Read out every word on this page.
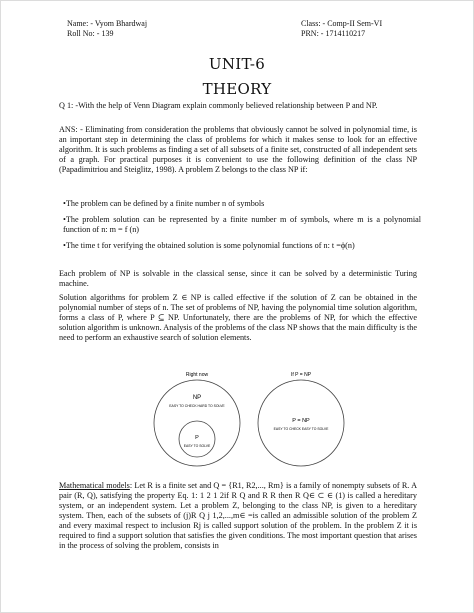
Name: - Vyom Bhardwaj
Roll No: - 139
Class: - Comp-II Sem-VI
PRN: - 1714110217
UNIT-6
THEORY

Q 1: -With the help of Venn Diagram explain commonly believed relationship between P and NP.

ANS: - Eliminating from consideration the problems that obviously cannot be solved in polynomial time, is an important step in determining the class of problems for which it makes sense to look for an effective algorithm. It is such problems as finding a set of all subsets of a finite set, constructed of all independent sets of a graph. For practical purposes it is convenient to use the following definition of the class NP (Papadimitriou and Steiglitz, 1998). A problem Z belongs to the class NP if:

• The problem can be defined by a finite number n of symbols

• The problem solution can be represented by a finite number m of symbols, where m is a polynomial function of n: m = f (n)

• The time t for verifying the obtained solution is some polynomial functions of n: t =ϕ(n)

Each problem of NP is solvable in the classical sense, since it can be solved by a deterministic Turing machine.

Solution algorithms for problem Z ∈ NP is called effective if the solution of Z can be obtained in the polynomial number of steps of n. The set of problems of NP, having the polynomial time solution algorithm, forms a class of P, where P ⊆ NP. Unfortunately, there are the problems of NP, for which the effective solution algorithm is unknown. Analysis of the problems of the class NP shows that the main difficulty is the need to perform an exhaustive search of solution elements.

Right now	If P = NP
NP
EASY TO CHECK HARD TO SOLVE
P
EASY TO SOLVE
P = NP
EASY TO CHECK EASY TO SOLVE

Mathematical models: Let R is a finite set and Q = {R1, R2,..., Rm} is a family of nonempty subsets of R. A pair (R, Q), satisfying the property Eq. 1: 1 2 1 2if R Q and R R then R Q∈ ⊂ ∈ (1) is called a hereditary system, or an independent system. Let a problem Z, belonging to the class NP, is given to a hereditary system. Then, each of the subsets of (j)R Q j 1,2,...,m∈ =is called an admissible solution of the problem Z and every maximal respect to inclusion Rj is called support solution of the problem. In the problem Z it is required to find a support solution that satisfies the given conditions. The most important question that arises in the process of solving the problem, consists in
